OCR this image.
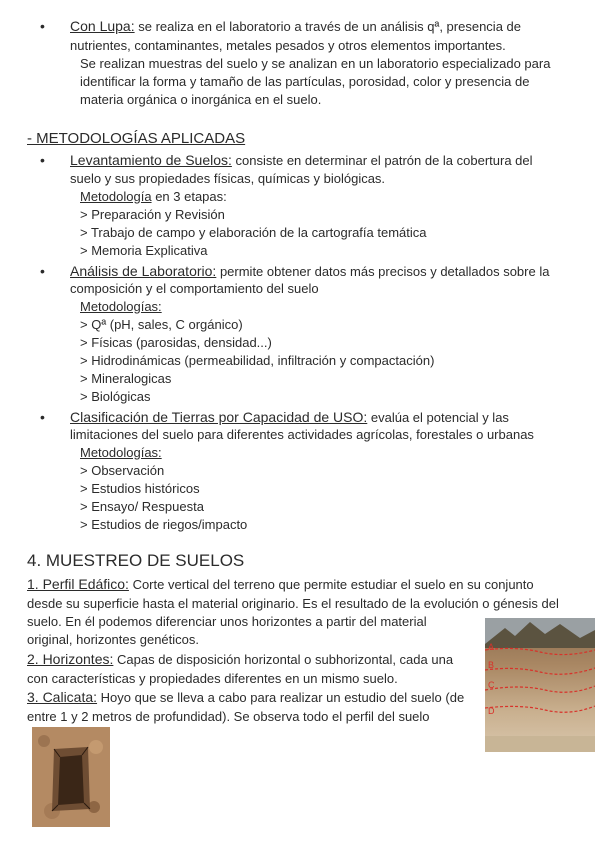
• Con Lupa: se realiza en el laboratorio a través de un análisis qª, presencia de
nutrientes, contaminantes, metales pesados y otros elementos importantes.
Se realizan muestras del suelo y se analizan en un laboratorio especializado para
identificar la forma y tamaño de las partículas, porosidad, color y presencia de
materia orgánica o inorgánica en el suelo.
- METODOLOGÍAS APLICADAS
• Levantamiento de Suelos: consiste en determinar el patrón de la cobertura del
suelo y sus propiedades físicas, químicas y biológicas.
Metodología en 3 etapas:
> Preparación y Revisión
> Trabajo de campo y elaboración de la cartografía temática
> Memoria Explicativa
• Análisis de Laboratorio: permite obtener datos más precisos y detallados sobre la
composición y el comportamiento del suelo
Metodologías:
> Qª (pH, sales, C orgánico)
> Físicas (parosidas, densidad...)
> Hidrodinámicas (permeabilidad, infiltración y compactación)
> Mineralogicas
> Biológicas
• Clasificación de Tierras por Capacidad de USO: evalúa el potencial y las
limitaciones del suelo para diferentes actividades agrícolas, forestales o urbanas
Metodologías:
> Observación
> Estudios históricos
> Ensayo/ Respuesta
> Estudios de riegos/impacto
4. MUESTREO DE SUELOS
1. Perfil Edáfico: Corte vertical del terreno que permite estudiar el suelo en su conjunto
desde su superficie hasta el material originario. Es el resultado de la evolución o génesis del
suelo. En él podemos diferenciar unos horizontes a partir del material
original, horizontes genéticos.
2. Horizontes: Capas de disposición horizontal o subhorizontal, cada una
con características y propiedades diferentes en un mismo suelo.
3. Calicata: Hoyo que se lleva a cabo para realizar un estudio del suelo (de
entre 1 y 2 metros de profundidad). Se observa todo el perfil del suelo
A
B
C
D
